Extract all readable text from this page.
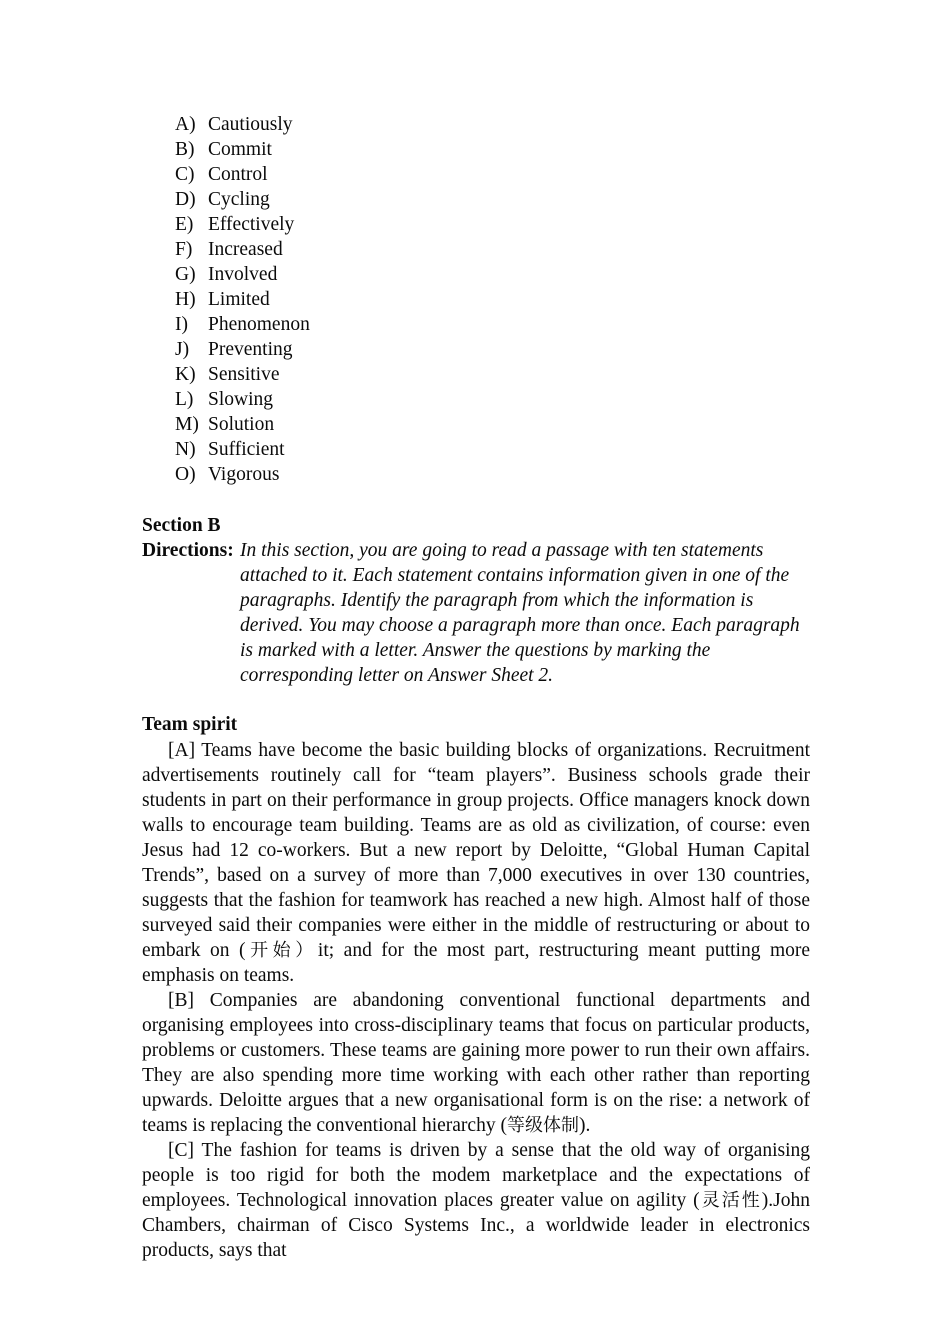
A) Cautiously
B) Commit
C) Control
D) Cycling
E) Effectively
F) Increased
G) Involved
H) Limited
I)	Phenomenon
J) Preventing
K) Sensitive
L) Slowing
M) Solution
N) Sufficient
O) Vigorous
Section B

Directions: In this section, you are going to read a passage with ten statements attached to it. Each statement contains information given in one of the paragraphs. Identify the paragraph from which the information is derived. You may choose a paragraph more than once. Each paragraph is marked with a letter. Answer the questions by marking the corresponding letter on Answer Sheet 2.

Team spirit

[A] Teams have become the basic building blocks of organizations. Recruitment advertisements routinely call for “team players”. Business schools grade their students in part on their performance in group projects. Office managers knock down walls to encourage team building. Teams are as old as civilization, of course: even Jesus had 12 co-workers. But a new report by Deloitte, “Global Human Capital Trends”, based on a survey of more than 7,000 executives in over 130 countries, suggests that the fashion for teamwork has reached a new high. Almost half of those surveyed said their companies were either in the middle of restructuring or about to embark on (开始）it; and for the most part, restructuring meant putting more emphasis on teams.

[B] Companies are abandoning conventional functional departments and organising employees into cross-disciplinary teams that focus on particular products, problems or customers. These teams are gaining more power to run their own affairs. They are also spending more time working with each other rather than reporting upwards. Deloitte argues that a new organisational form is on the rise: a network of teams is replacing the conventional hierarchy (等级体制).

[C] The fashion for teams is driven by a sense that the old way of organising people is too rigid for both the modem marketplace and the expectations of employees. Technological innovation places greater value on agility (灵活性).John Chambers, chairman of Cisco Systems Inc., a worldwide leader in electronics products, says that
